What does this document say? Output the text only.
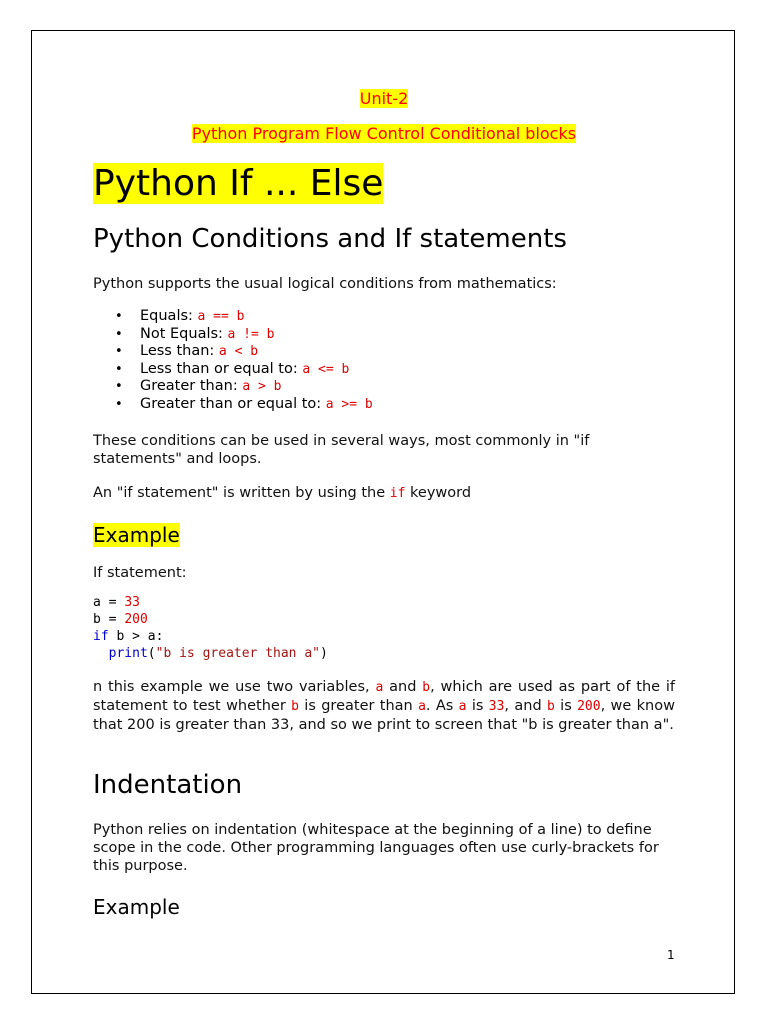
Unit-2
Python Program Flow Control Conditional blocks
Python If ... Else
Python Conditions and If statements
Python supports the usual logical conditions from mathematics:
• Equals: a == b
• Not Equals: a != b
• Less than: a < b
• Less than or equal to: a <= b
• Greater than: a > b
• Greater than or equal to: a >= b
These conditions can be used in several ways, most commonly in "if statements" and loops.
An "if statement" is written by using the if keyword
Example
If statement:
a = 33
b = 200
if b > a:
print("b is greater than a")
n this example we use two variables, a and b, which are used as part of the if statement to test whether b is greater than a. As a is 33, and b is 200, we know that 200 is greater than 33, and so we print to screen that "b is greater than a".
Indentation
Python relies on indentation (whitespace at the beginning of a line) to define scope in the code. Other programming languages often use curly-brackets for this purpose.
Example
1
